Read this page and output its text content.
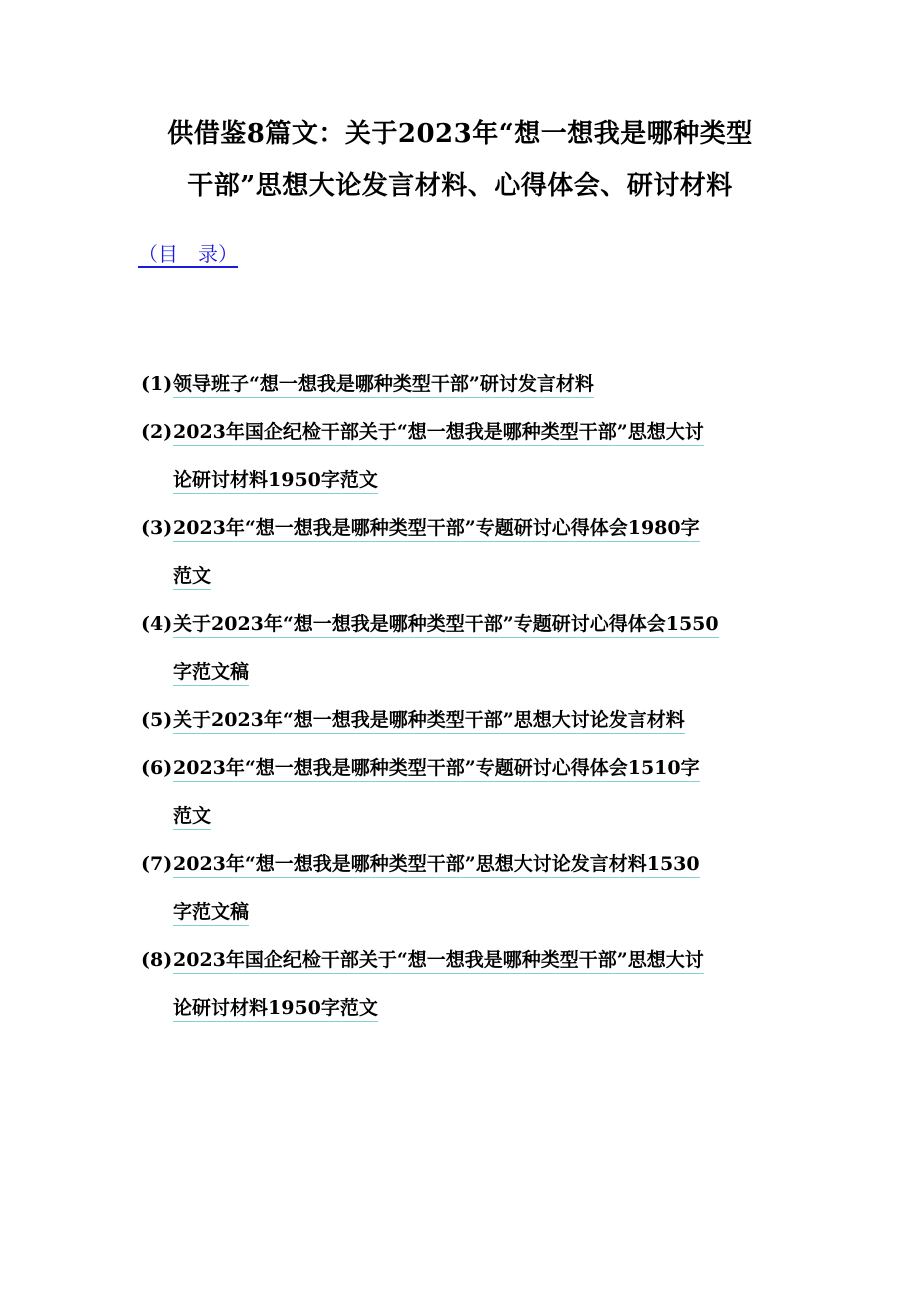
供借鉴8篇文：关于2023年“想一想我是哪种类型
干部”思想大论发言材料、心得体会、研讨材料
（目　录）
(1) 领导班子“想一想我是哪种类型干部”研讨发言材料
(2) 2023年国企纪检干部关于“想一想我是哪种类型干部”思想大讨
论研讨材料1950字范文
(3) 2023年“想一想我是哪种类型干部”专题研讨心得体会1980字
范文
(4) 关于2023年“想一想我是哪种类型干部”专题研讨心得体会1550
字范文稿
(5) 关于2023年“想一想我是哪种类型干部”思想大讨论发言材料
(6) 2023年“想一想我是哪种类型干部”专题研讨心得体会1510字
范文
(7) 2023年“想一想我是哪种类型干部”思想大讨论发言材料1530
字范文稿
(8) 2023年国企纪检干部关于“想一想我是哪种类型干部”思想大讨
论研讨材料1950字范文
